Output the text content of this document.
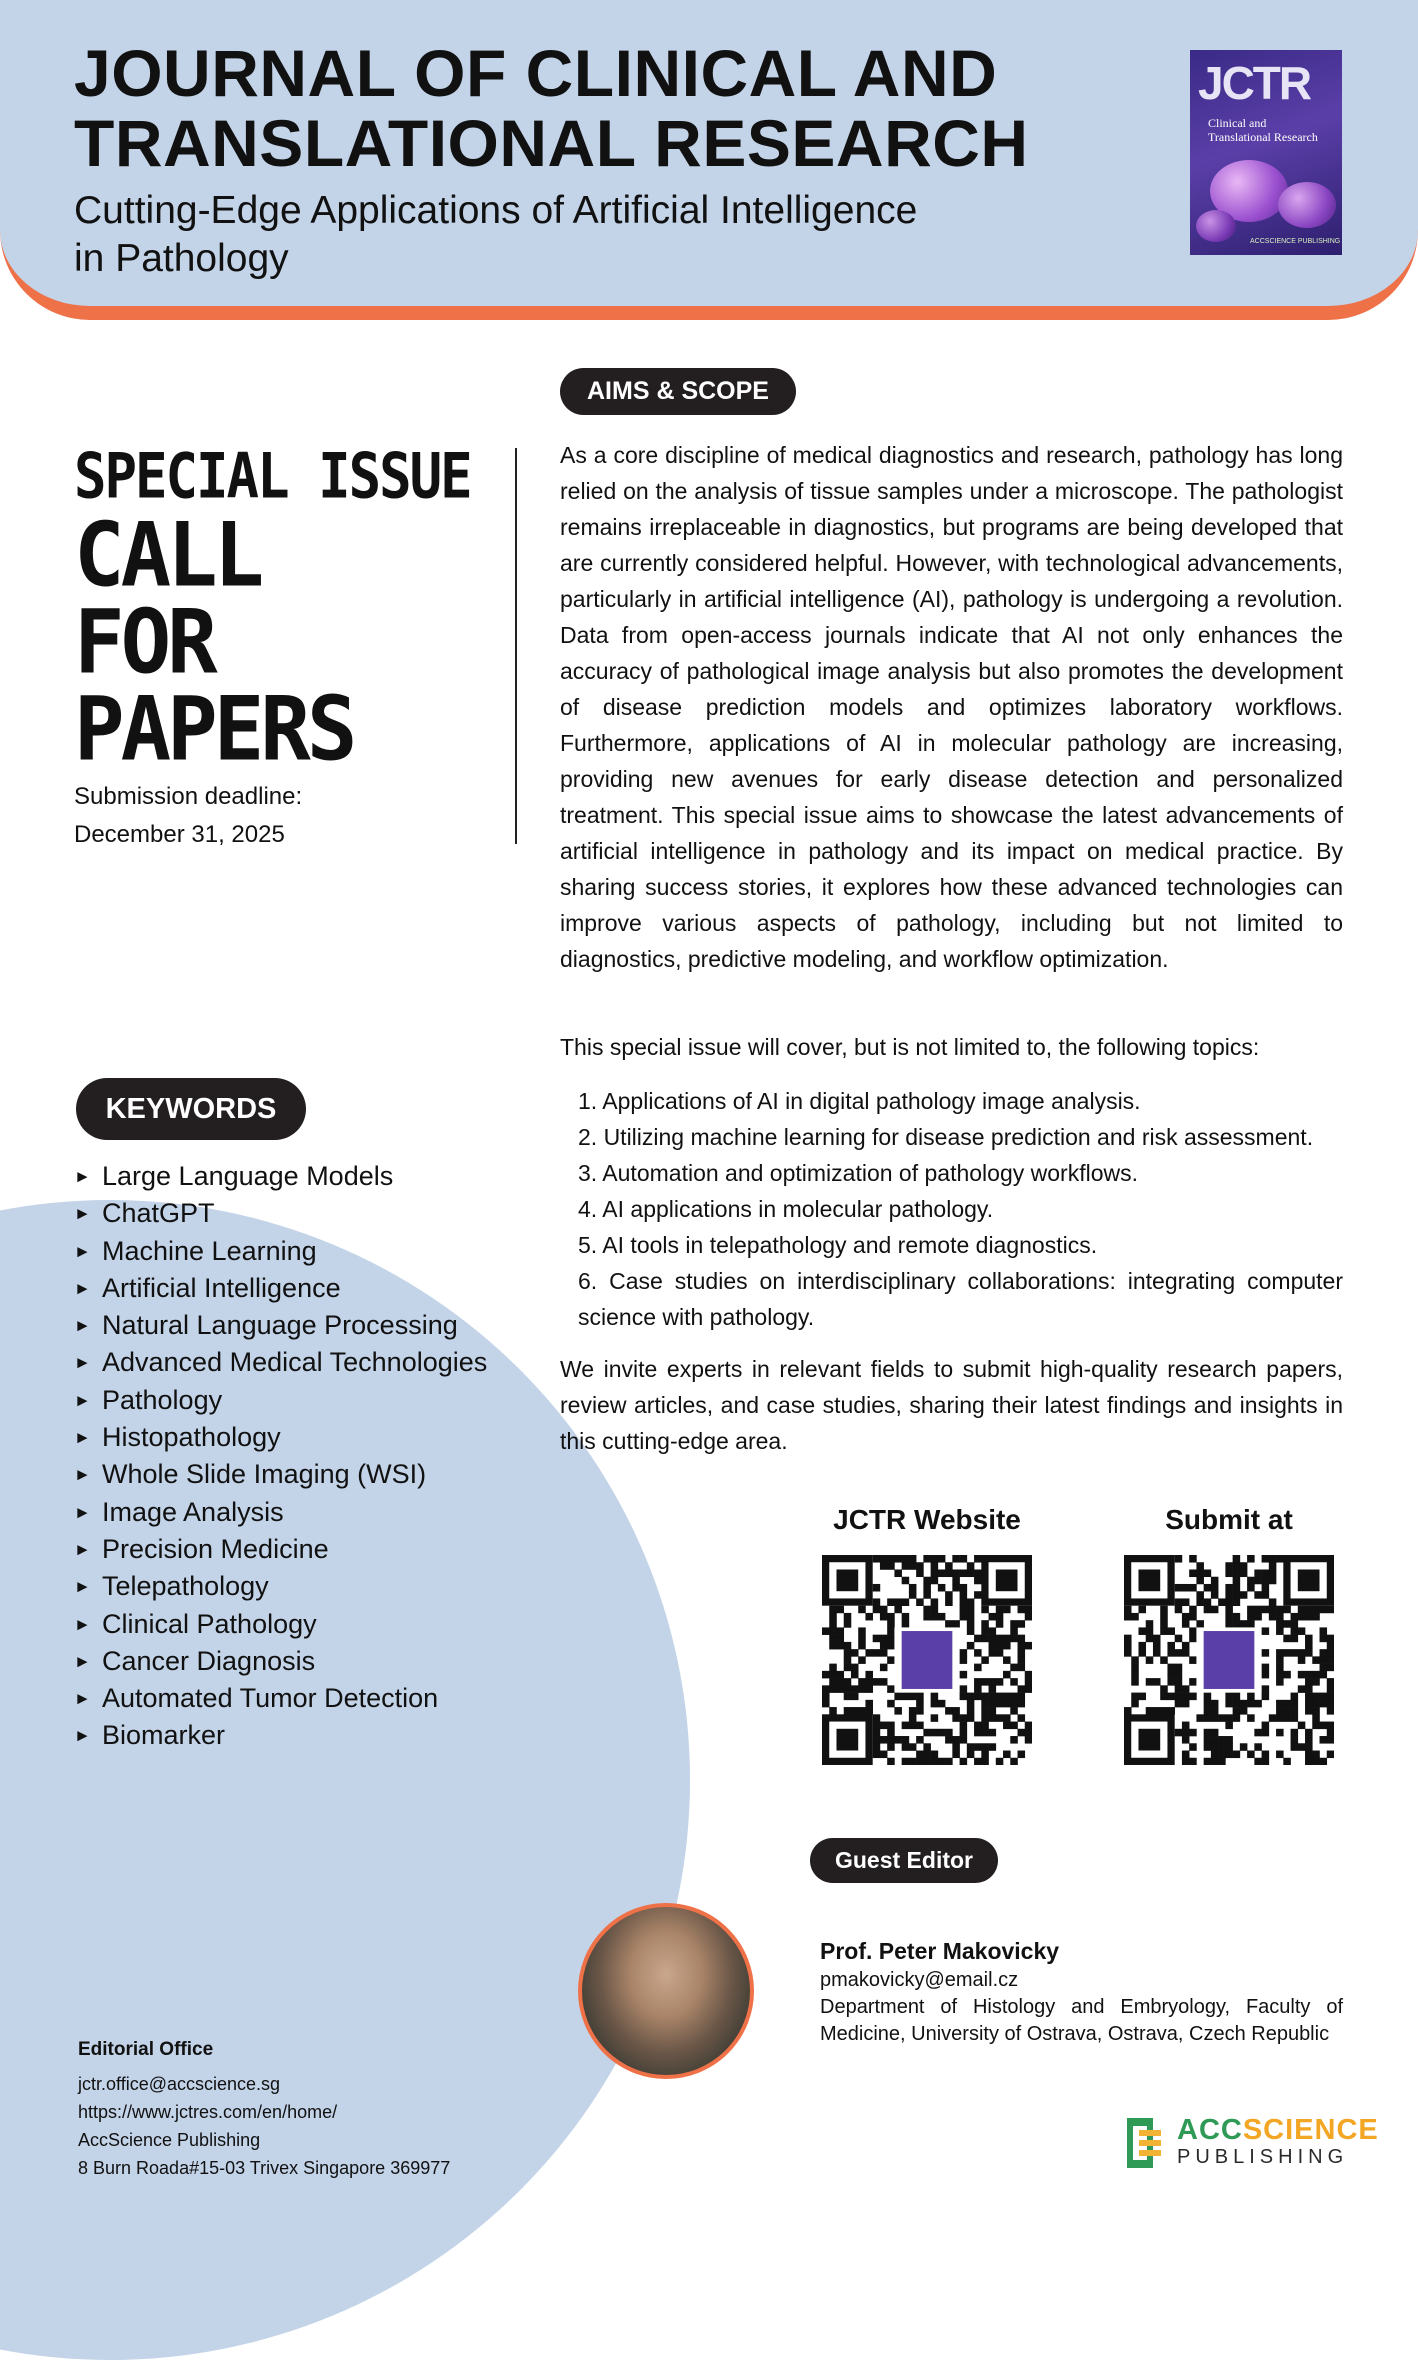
JOURNAL OF CLINICAL AND
TRANSLATIONAL RESEARCH
Cutting-Edge Applications of Artificial Intelligence
in Pathology
JCTR
Clinical and
Translational Research
ACCSCIENCE PUBLISHING
SPECIAL ISSUE
CALL
FOR
PAPERS
Submission deadline:
December 31, 2025
AIMS & SCOPE
As a core discipline of medical diagnostics and research, pathology has long relied on the analysis of tissue samples under a microscope. The pathologist remains irreplaceable in diagnostics, but programs are being developed that are currently considered helpful. However, with technological advancements, particularly in artificial intelligence (AI), pathology is undergoing a revolution. Data from open-access journals indicate that AI not only enhances the accuracy of pathological image analysis but also promotes the development of disease prediction models and optimizes laboratory workflows. Furthermore, applications of AI in molecular pathology are increasing, providing new avenues for early disease detection and personalized treatment. This special issue aims to showcase the latest advancements of artificial intelligence in pathology and its impact on medical practice. By sharing success stories, it explores how these advanced technologies can improve various aspects of pathology, including but not limited to diagnostics, predictive modeling, and workflow optimization.
This special issue will cover, but is not limited to, the following topics:
1. Applications of AI in digital pathology image analysis.
2. Utilizing machine learning for disease prediction and risk assessment.
3. Automation and optimization of pathology workflows.
4. AI applications in molecular pathology.
5. AI tools in telepathology and remote diagnostics.
6. Case studies on interdisciplinary collaborations: integrating computer science with pathology.
We invite experts in relevant fields to submit high-quality research papers, review articles, and case studies, sharing their latest findings and insights in this cutting-edge area.
KEYWORDS
► Large Language Models
► ChatGPT
► Machine Learning
► Artificial Intelligence
► Natural Language Processing
► Advanced Medical Technologies
► Pathology
► Histopathology
► Whole Slide Imaging (WSI)
► Image Analysis
► Precision Medicine
► Telepathology
► Clinical Pathology
► Cancer Diagnosis
► Automated Tumor Detection
► Biomarker
JCTR Website	Submit at
Guest Editor
Prof. Peter Makovicky
pmakovicky@email.cz
Department of Histology and Embryology, Faculty of Medicine, University of Ostrava, Ostrava, Czech Republic
Editorial Office
jctr.office@accscience.sg
https://www.jctres.com/en/home/
AccScience Publishing
8 Burn Roada#15-03 Trivex Singapore 369977
ACCSCIENCE
PUBLISHING
